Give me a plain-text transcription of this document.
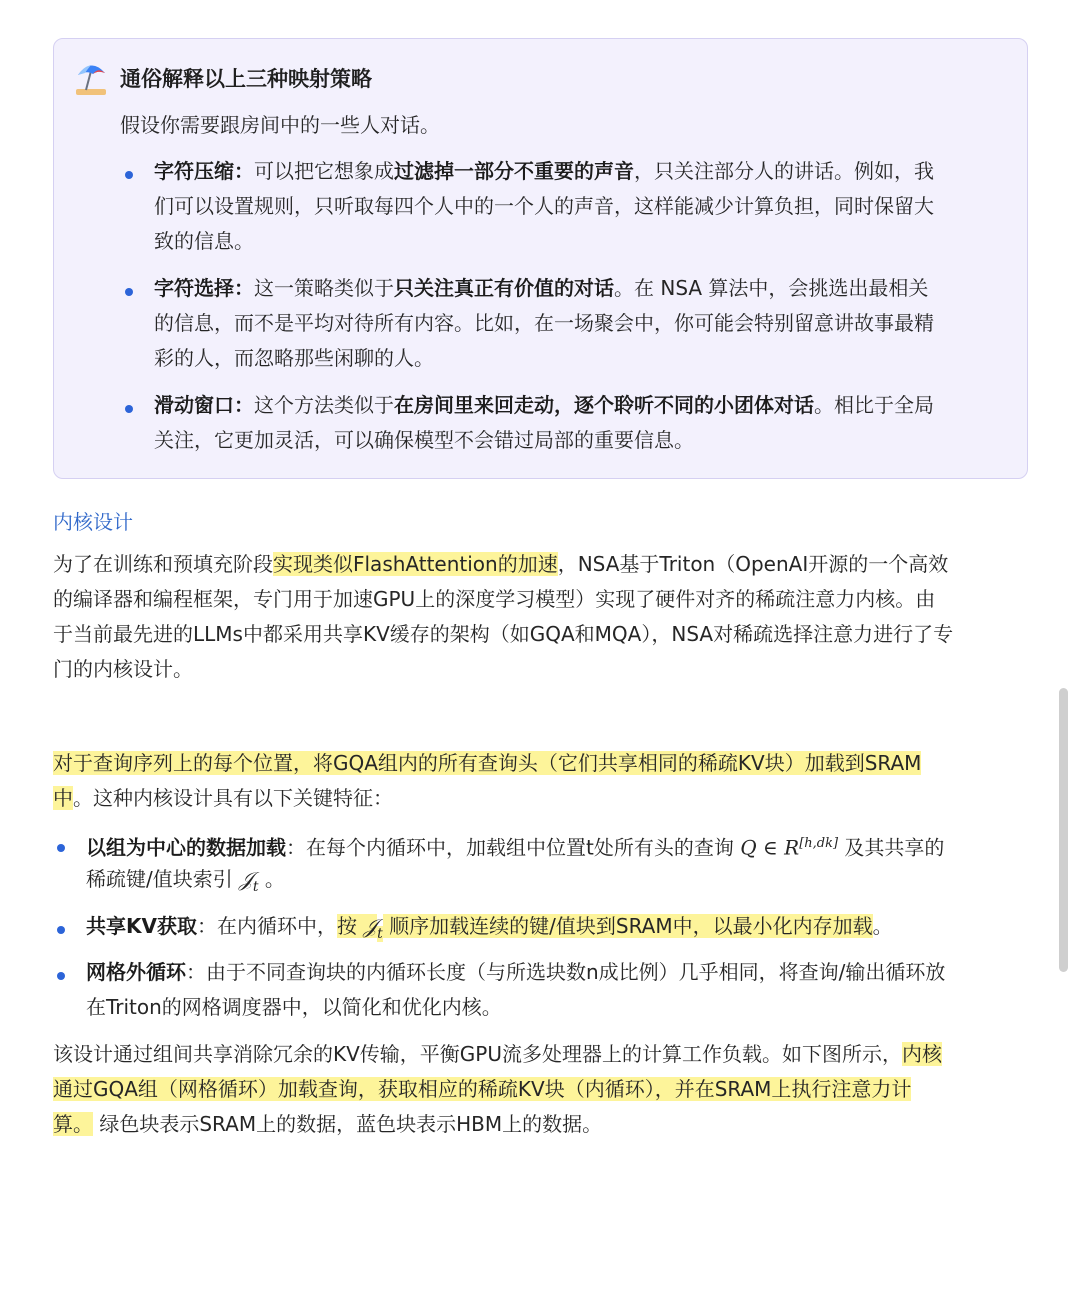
通俗解释以上三种映射策略
假设你需要跟房间中的一些人对话。
字符压缩：可以把它想象成过滤掉一部分不重要的声音，只关注部分人的讲话。例如，我
们可以设置规则，只听取每四个人中的一个人的声音，这样能减少计算负担，同时保留大
致的信息。
字符选择：这一策略类似于只关注真正有价值的对话。在 NSA 算法中，会挑选出最相关
的信息，而不是平均对待所有内容。比如，在一场聚会中，你可能会特别留意讲故事最精
彩的人，而忽略那些闲聊的人。
滑动窗口：这个方法类似于在房间里来回走动，逐个聆听不同的小团体对话。相比于全局
关注，它更加灵活，可以确保模型不会错过局部的重要信息。
内核设计
为了在训练和预填充阶段实现类似FlashAttention的加速，NSA基于Triton（OpenAI开源的一个高效
的编译器和编程框架，专门用于加速GPU上的深度学习模型）实现了硬件对齐的稀疏注意力内核。由
于当前最先进的LLMs中都采用共享KV缓存的架构（如GQA和MQA），NSA对稀疏选择注意力进行了专
门的内核设计。
对于查询序列上的每个位置，将GQA组内的所有查询头（它们共享相同的稀疏KV块）加载到SRAM
中。这种内核设计具有以下关键特征：
以组为中心的数据加载：在每个内循环中，加载组中位置t处所有头的查询 Q ∈ R[h,dk] 及其共享的
稀疏键/值块索引 𝒥$_t$ 。
共享KV获取：在内循环中，按 𝒥$_t$ 顺序加载连续的键/值块到SRAM中，以最小化内存加载。
网格外循环：由于不同查询块的内循环长度（与所选块数n成比例）几乎相同，将查询/输出循环放
在Triton的网格调度器中，以简化和优化内核。
该设计通过组间共享消除冗余的KV传输，平衡GPU流多处理器上的计算工作负载。如下图所示，内核
通过GQA组（网格循环）加载查询，获取相应的稀疏KV块（内循环），并在SRAM上执行注意力计
算。 绿色块表示SRAM上的数据，蓝色块表示HBM上的数据。
